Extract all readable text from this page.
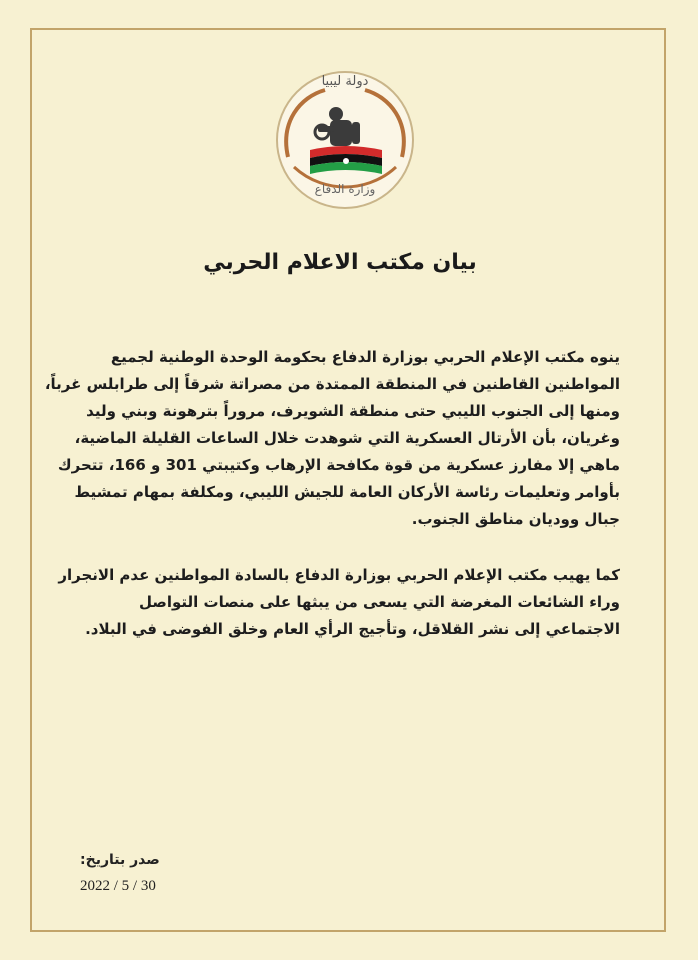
دولة ليبيا
وزارة الدفاع
بيان مكتب الاعلام الحربي
ينوه مكتب الإعلام الحربي بوزارة الدفاع بحكومة الوحدة الوطنية لجميع
المواطنين القاطنين في المنطقة الممتدة من مصراتة شرقاً إلى طرابلس غرباً،
ومنها إلى الجنوب الليبي حتى منطقة الشويرف، مروراً بترهونة وبني وليد
وغريان، بأن الأرتال العسكرية التي شوهدت خلال الساعات القليلة الماضية،
ماهي إلا مفارز عسكرية من قوة مكافحة الإرهاب وكتيبتي 301 و 166، تتحرك
بأوامر وتعليمات رئاسة الأركان العامة للجيش الليبي، ومكلفة بمهام تمشيط
جبال ووديان مناطق الجنوب.
كما يهيب مكتب الإعلام الحربي بوزارة الدفاع بالسادة المواطنين عدم الانجرار
وراء الشائعات المغرضة التي يسعى من يبثها على منصات التواصل
الاجتماعي إلى نشر القلاقل، وتأجيج الرأي العام وخلق الفوضى في البلاد.
صدر بتاريخ:
2022 / 5 / 30
